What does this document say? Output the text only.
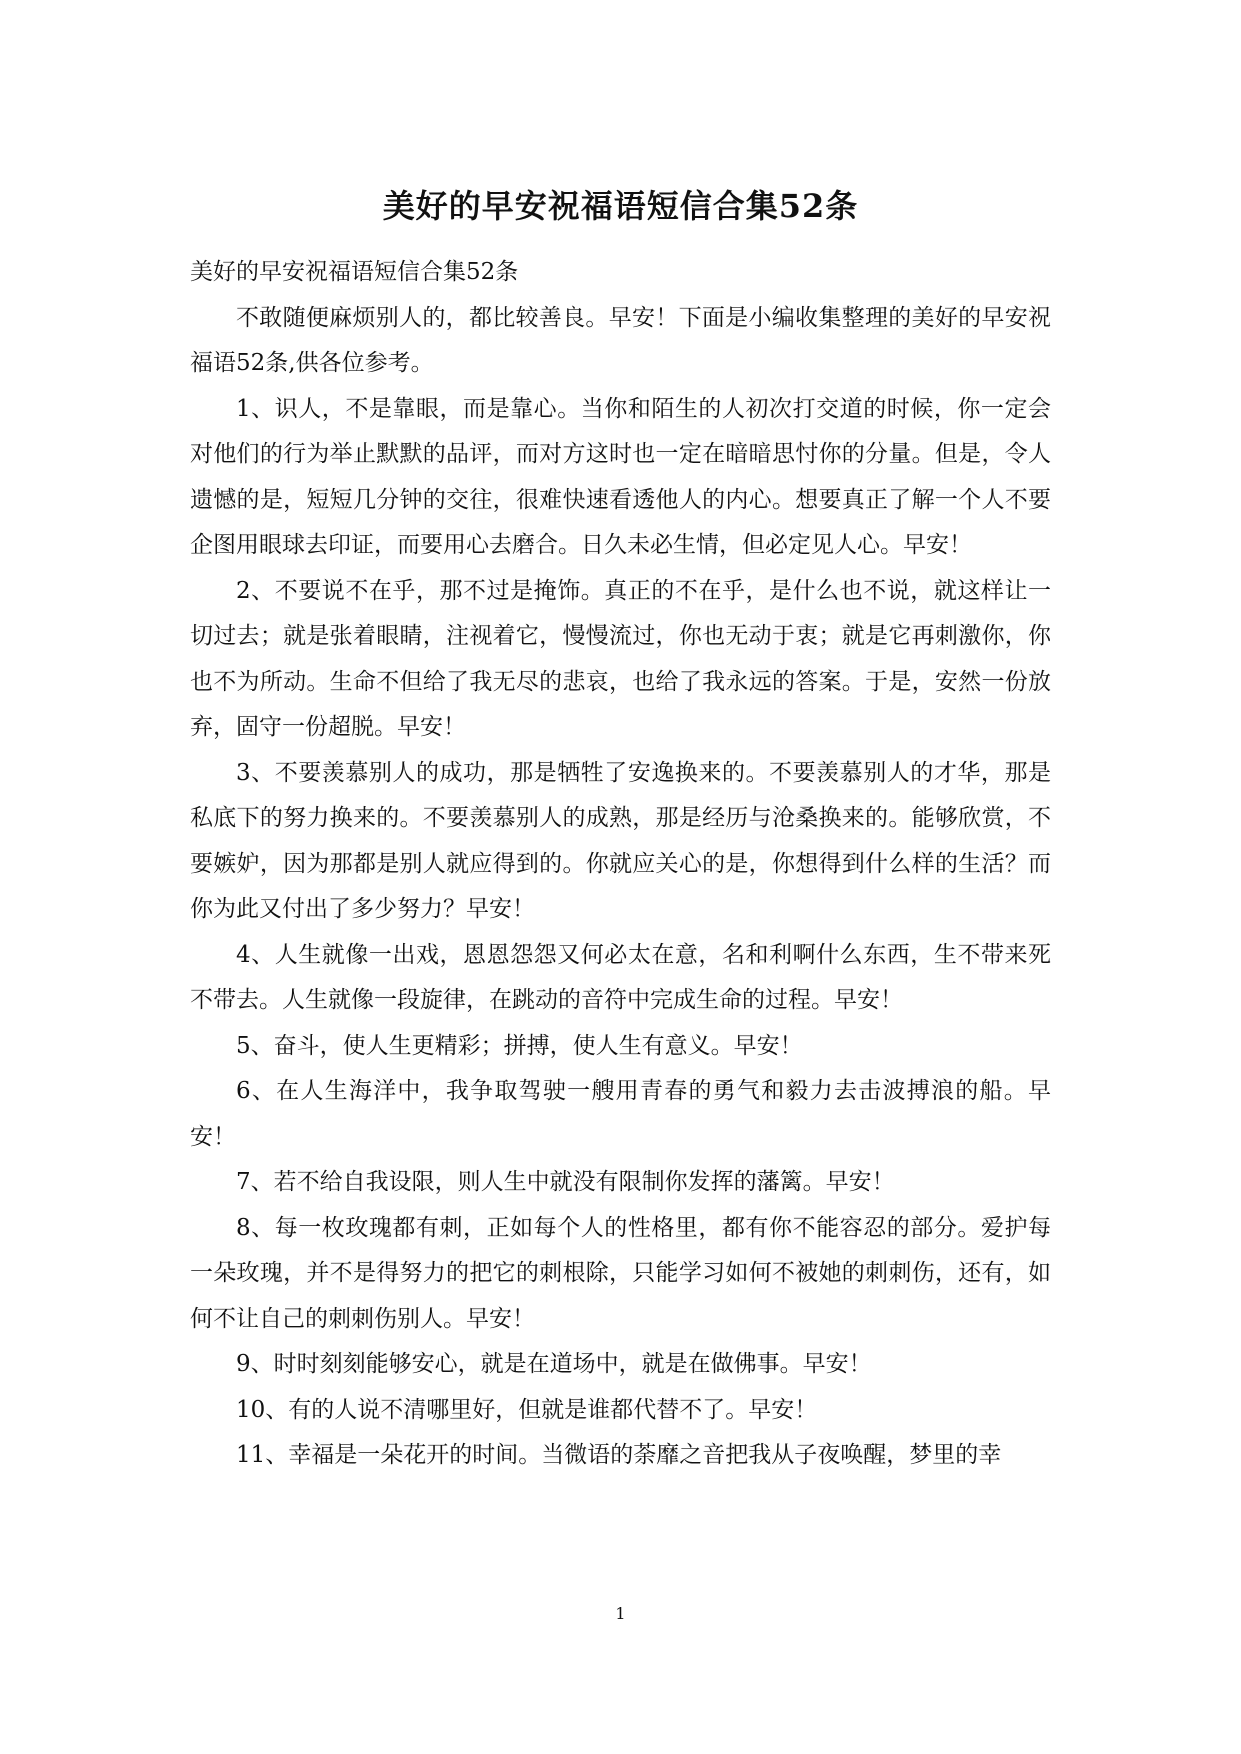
美好的早安祝福语短信合集52条

美好的早安祝福语短信合集52条

不敢随便麻烦别人的，都比较善良。早安！下面是小编收集整理的美好的早安祝福语52条,供各位参考。

1、识人，不是靠眼，而是靠心。当你和陌生的人初次打交道的时候，你一定会对他们的行为举止默默的品评，而对方这时也一定在暗暗思忖你的分量。但是，令人遗憾的是，短短几分钟的交往，很难快速看透他人的内心。想要真正了解一个人不要企图用眼球去印证，而要用心去磨合。日久未必生情，但必定见人心。早安！

2、不要说不在乎，那不过是掩饰。真正的不在乎，是什么也不说，就这样让一切过去；就是张着眼睛，注视着它，慢慢流过，你也无动于衷；就是它再刺激你，你也不为所动。生命不但给了我无尽的悲哀，也给了我永远的答案。于是，安然一份放弃，固守一份超脱。早安！

3、不要羡慕别人的成功，那是牺牲了安逸换来的。不要羡慕别人的才华，那是私底下的努力换来的。不要羡慕别人的成熟，那是经历与沧桑换来的。能够欣赏，不要嫉妒，因为那都是别人就应得到的。你就应关心的是，你想得到什么样的生活？而你为此又付出了多少努力？早安！

4、人生就像一出戏，恩恩怨怨又何必太在意，名和利啊什么东西，生不带来死不带去。人生就像一段旋律，在跳动的音符中完成生命的过程。早安！

5、奋斗，使人生更精彩；拼搏，使人生有意义。早安！

6、在人生海洋中，我争取驾驶一艘用青春的勇气和毅力去击波搏浪的船。早安！

7、若不给自我设限，则人生中就没有限制你发挥的藩篱。早安！

8、每一枚玫瑰都有刺，正如每个人的性格里，都有你不能容忍的部分。爱护每一朵玫瑰，并不是得努力的把它的刺根除，只能学习如何不被她的刺刺伤，还有，如何不让自己的刺刺伤别人。早安！

9、时时刻刻能够安心，就是在道场中，就是在做佛事。早安！

10、有的人说不清哪里好，但就是谁都代替不了。早安！

11、幸福是一朵花开的时间。当微语的荼靡之音把我从子夜唤醒，梦里的幸

1
